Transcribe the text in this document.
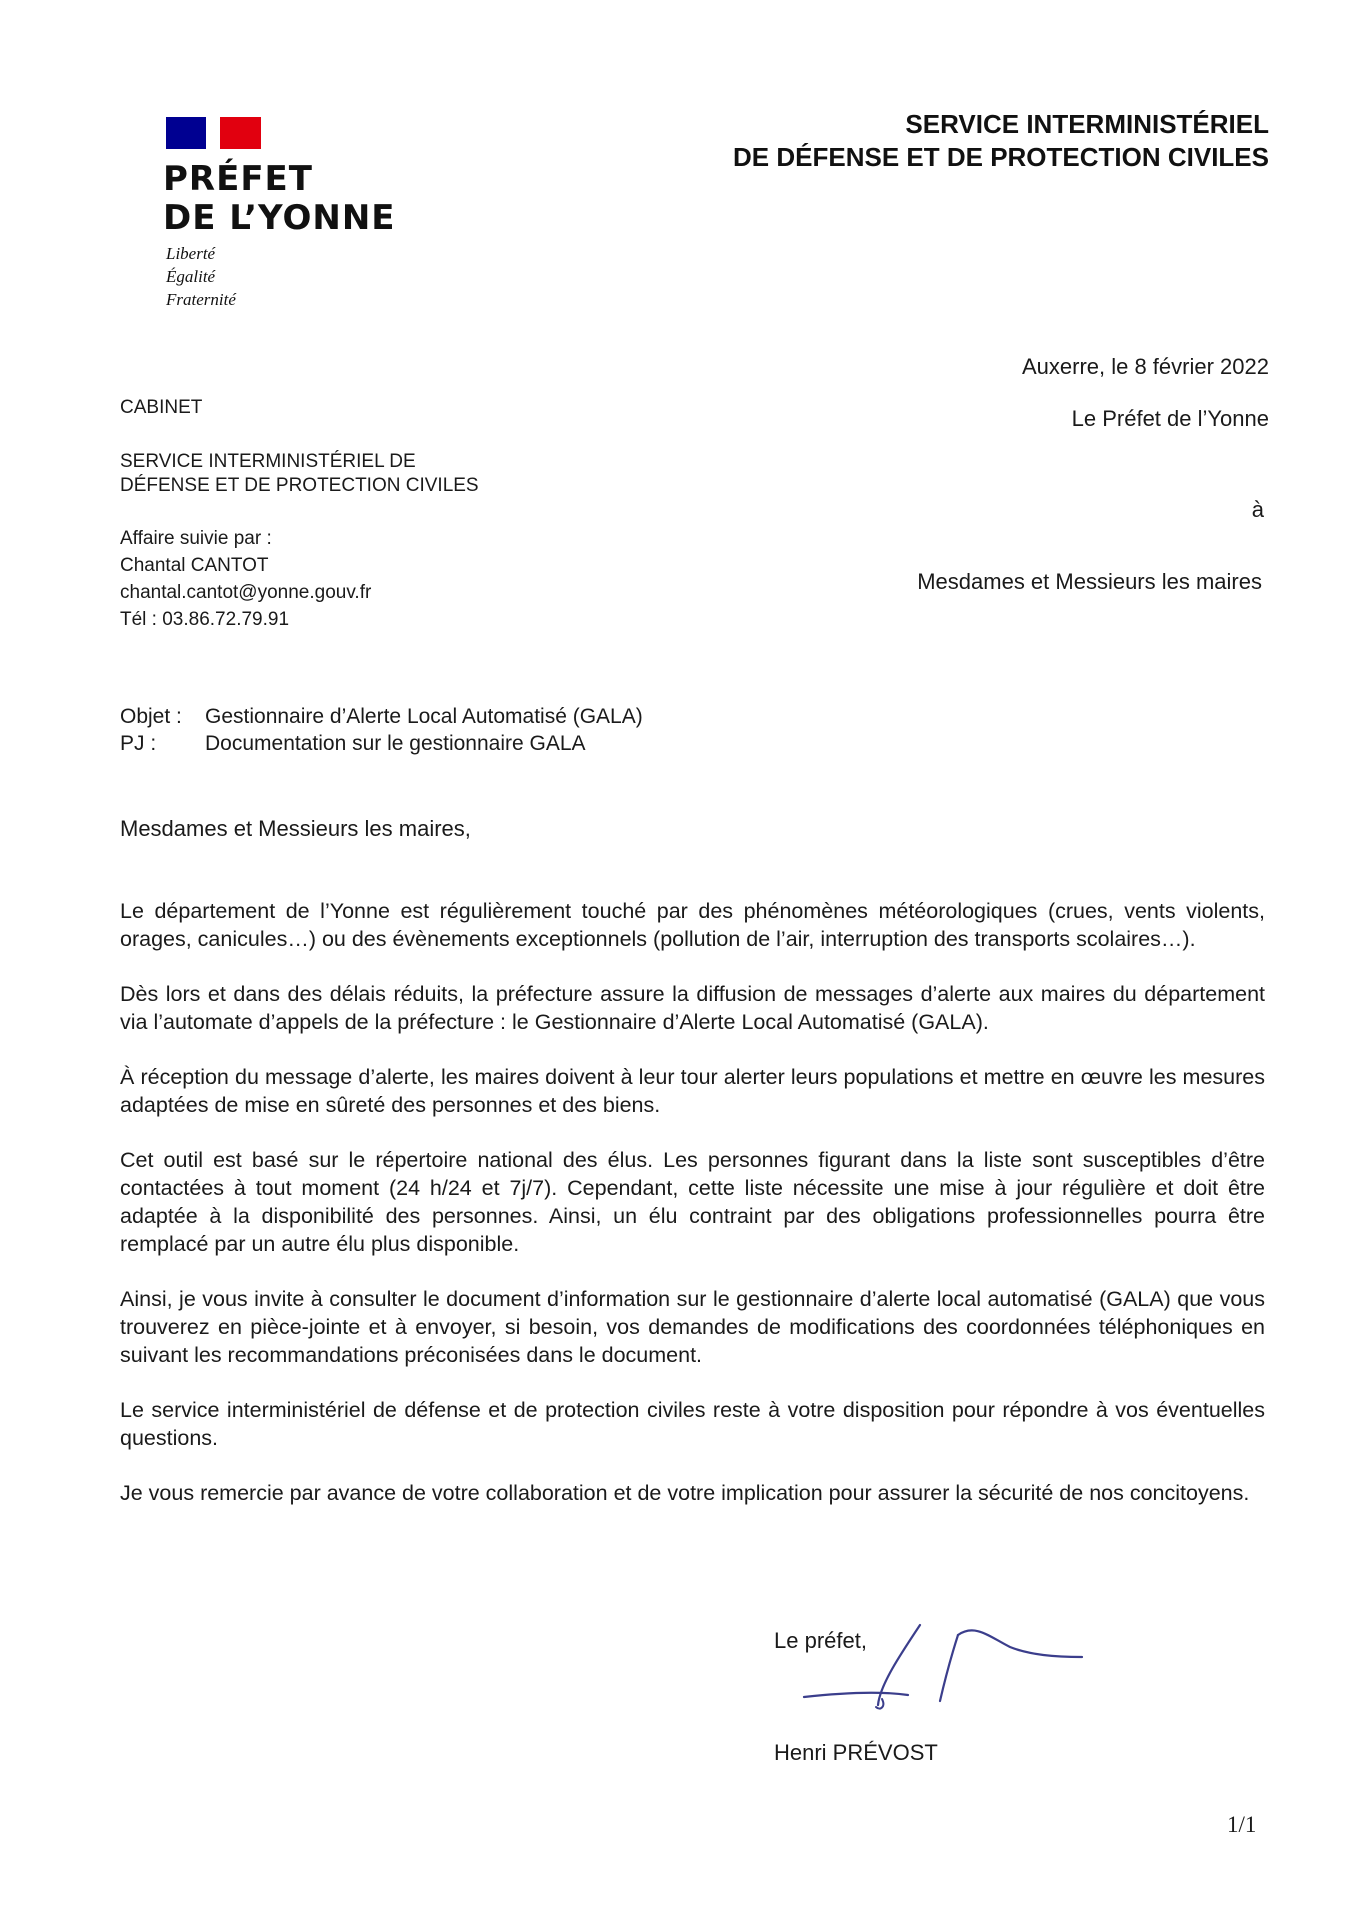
PRÉFET
DE L’YONNE
Liberté
Égalité
Fraternité
SERVICE INTERMINISTÉRIEL
DE DÉFENSE ET DE PROTECTION CIVILES
Auxerre, le 8 février 2022
Le Préfet de l’Yonne
à
Mesdames et Messieurs les maires
CABINET
SERVICE INTERMINISTÉRIEL DE
DÉFENSE ET DE PROTECTION CIVILES
Affaire suivie par :
Chantal CANTOT
chantal.cantot@yonne.gouv.fr
Tél : 03.86.72.79.91
Objet :	Gestionnaire d’Alerte Local Automatisé (GALA)
PJ :	Documentation sur le gestionnaire GALA
Mesdames et Messieurs les maires,

Le département de l’Yonne est régulièrement touché par des phénomènes météorologiques (crues, vents violents, orages, canicules…) ou des évènements exceptionnels (pollution de l’air, interruption des transports scolaires…).

Dès lors et dans des délais réduits, la préfecture assure la diffusion de messages d’alerte aux maires du département via l’automate d’appels de la préfecture : le Gestionnaire d’Alerte Local Automatisé (GALA).

À réception du message d’alerte, les maires doivent à leur tour alerter leurs populations et mettre en œuvre les mesures adaptées de mise en sûreté des personnes et des biens.

Cet outil est basé sur le répertoire national des élus. Les personnes figurant dans la liste sont susceptibles d’être contactées à tout moment (24 h/24 et 7j/7). Cependant, cette liste nécessite une mise à jour régulière et doit être adaptée à la disponibilité des personnes. Ainsi, un élu contraint par des obligations professionnelles pourra être remplacé par un autre élu plus disponible.

Ainsi, je vous invite à consulter le document d’information sur le gestionnaire d’alerte local automatisé (GALA) que vous trouverez en pièce-jointe et à envoyer, si besoin, vos demandes de modifications des coordonnées téléphoniques en suivant les recommandations préconisées dans le document.

Le service interministériel de défense et de protection civiles reste à votre disposition pour répondre à vos éventuelles questions.

Je vous remercie par avance de votre collaboration et de votre implication pour assurer la sécurité de nos concitoyens.

Le préfet,
Henri PRÉVOST
1/1
